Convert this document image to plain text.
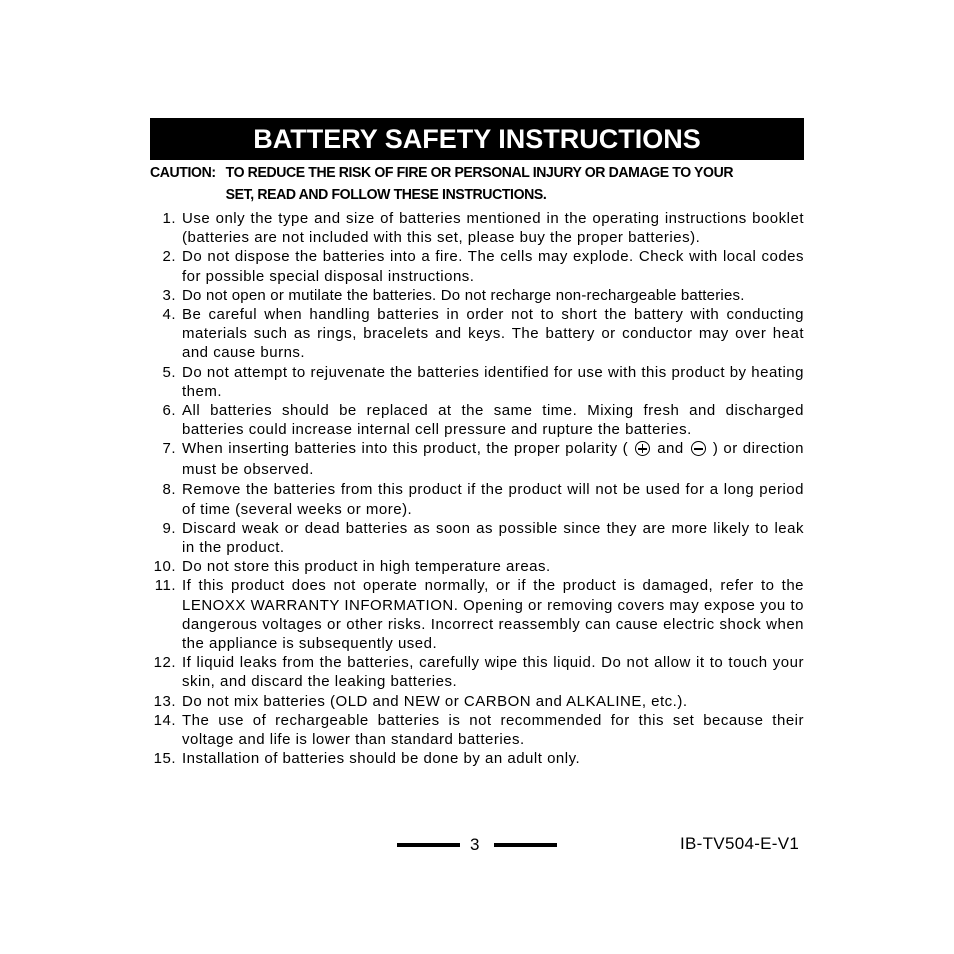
BATTERY SAFETY INSTRUCTIONS
CAUTION: TO REDUCE THE RISK OF FIRE OR PERSONAL INJURY OR DAMAGE TO YOUR
SET, READ AND FOLLOW THESE INSTRUCTIONS.
1. Use only the type and size of batteries mentioned in the operating instructions booklet (batteries are not included with this set, please buy the proper batteries).
2. Do not dispose the batteries into a fire. The cells may explode. Check with local codes for possible special disposal instructions.
3. Do not open or mutilate the batteries. Do not recharge non-rechargeable batteries.
4. Be careful when handling batteries in order not to short the battery with conducting materials such as rings, bracelets and keys. The battery or conductor may over heat and cause burns.
5. Do not attempt to rejuvenate the batteries identified for use with this product by heating them.
6. All batteries should be replaced at the same time. Mixing fresh and discharged batteries could increase internal cell pressure and rupture the batteries.
7. When inserting batteries into this product, the proper polarity ( and ) or direction must be observed.
8. Remove the batteries from this product if the product will not be used for a long period of time (several weeks or more).
9. Discard weak or dead batteries as soon as possible since they are more likely to leak in the product.
10. Do not store this product in high temperature areas.
11. If this product does not operate normally, or if the product is damaged, refer to the LENOXX WARRANTY INFORMATION. Opening or removing covers may expose you to dangerous voltages or other risks. Incorrect reassembly can cause electric shock when the appliance is subsequently used.
12. If liquid leaks from the batteries, carefully wipe this liquid. Do not allow it to touch your skin, and discard the leaking batteries.
13. Do not mix batteries (OLD and NEW or CARBON and ALKALINE, etc.).
14. The use of rechargeable batteries is not recommended for this set because their voltage and life is lower than standard batteries.
15. Installation of batteries should be done by an adult only.
3	IB-TV504-E-V1
